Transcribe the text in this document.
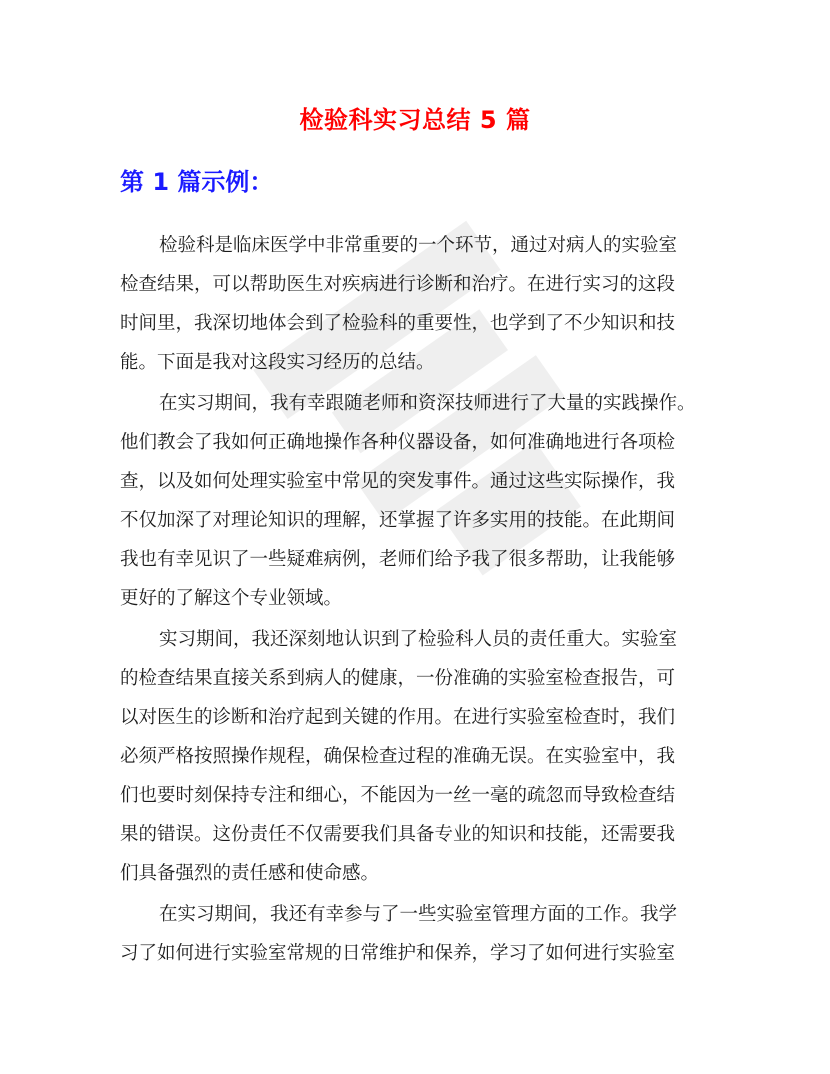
检验科实习总结 5 篇
第 1 篇示例：
检验科是临床医学中非常重要的一个环节，通过对病人的实验室
检查结果，可以帮助医生对疾病进行诊断和治疗。在进行实习的这段
时间里，我深切地体会到了检验科的重要性，也学到了不少知识和技
能。下面是我对这段实习经历的总结。
在实习期间，我有幸跟随老师和资深技师进行了大量的实践操作。
他们教会了我如何正确地操作各种仪器设备，如何准确地进行各项检
查，以及如何处理实验室中常见的突发事件。通过这些实际操作，我
不仅加深了对理论知识的理解，还掌握了许多实用的技能。在此期间
我也有幸见识了一些疑难病例，老师们给予我了很多帮助，让我能够
更好的了解这个专业领域。
实习期间，我还深刻地认识到了检验科人员的责任重大。实验室
的检查结果直接关系到病人的健康，一份准确的实验室检查报告，可
以对医生的诊断和治疗起到关键的作用。在进行实验室检查时，我们
必须严格按照操作规程，确保检查过程的准确无误。在实验室中，我
们也要时刻保持专注和细心，不能因为一丝一毫的疏忽而导致检查结
果的错误。这份责任不仅需要我们具备专业的知识和技能，还需要我
们具备强烈的责任感和使命感。
在实习期间，我还有幸参与了一些实验室管理方面的工作。我学
习了如何进行实验室常规的日常维护和保养，学习了如何进行实验室
